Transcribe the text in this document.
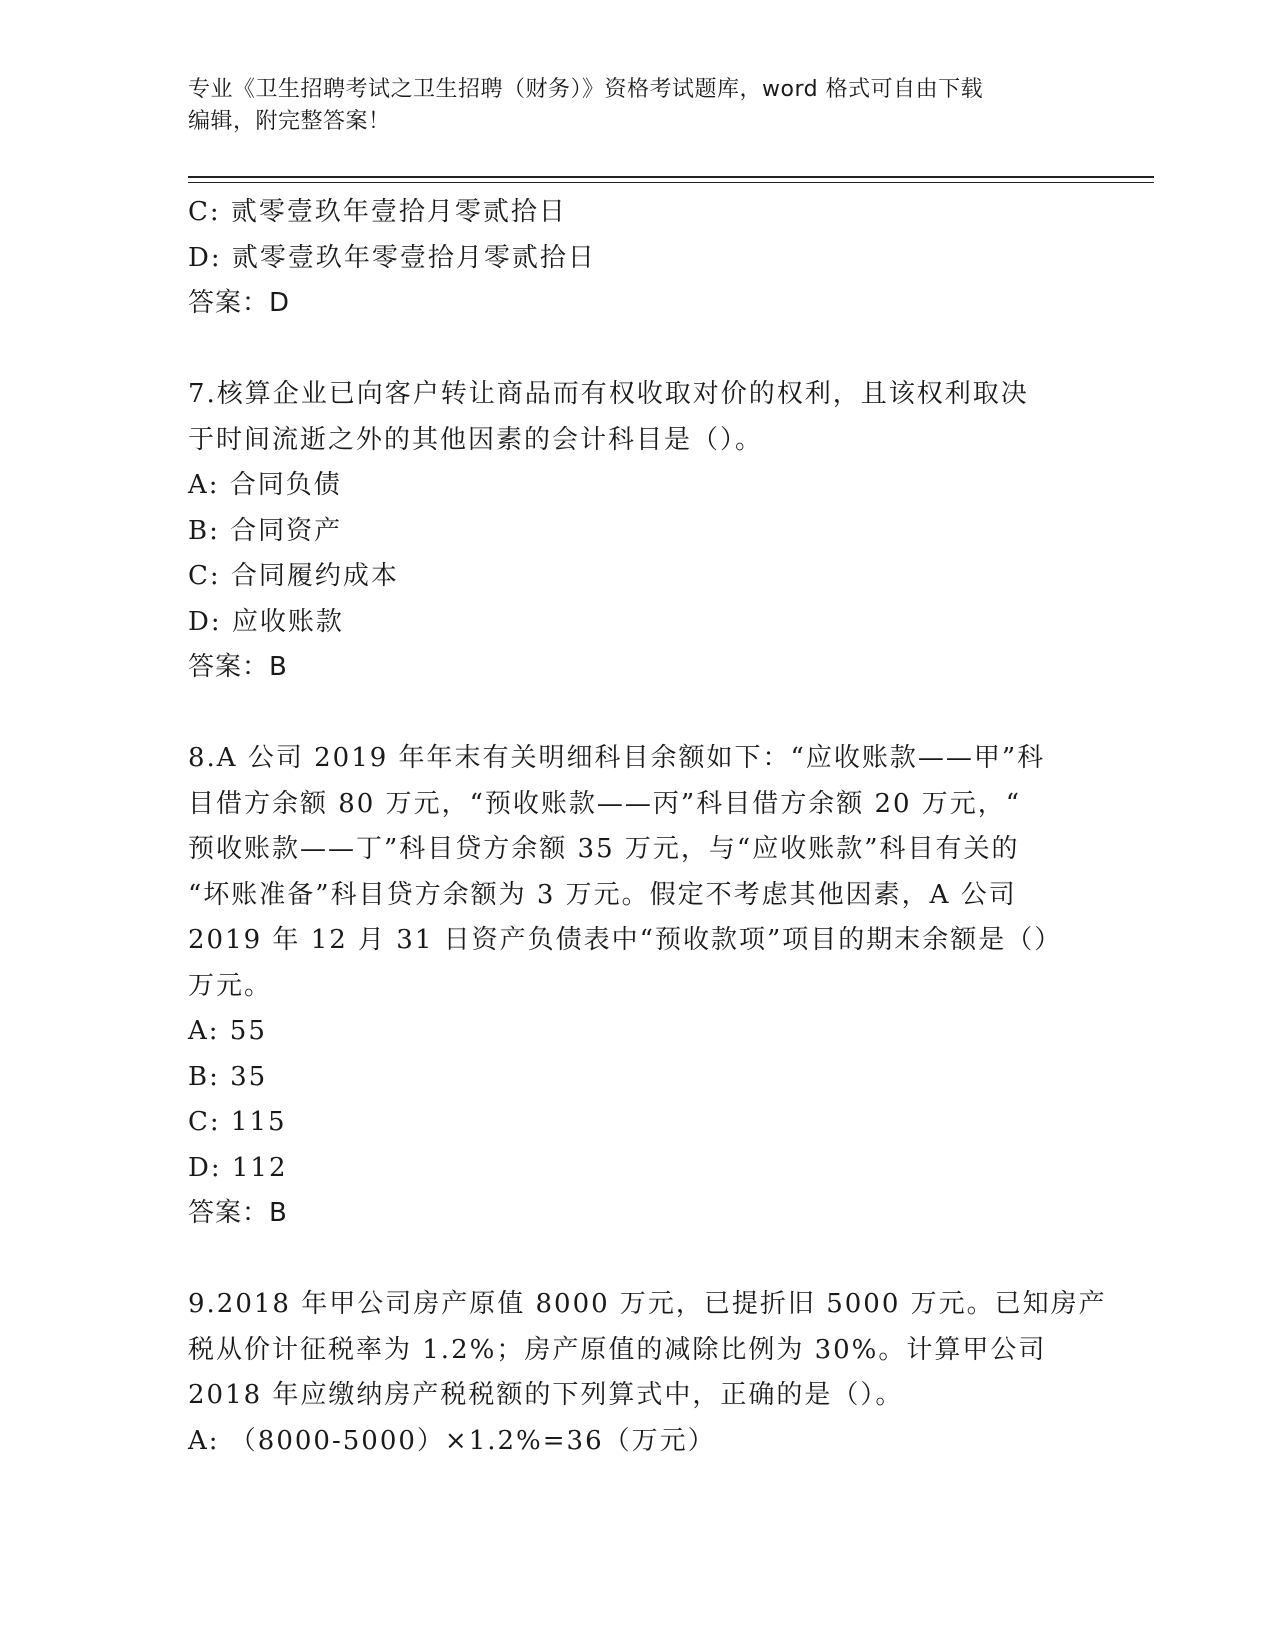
专业《卫生招聘考试之卫生招聘（财务）》资格考试题库，word 格式可自由下载
编辑，附完整答案！
C: 贰零壹玖年壹拾月零贰拾日
D: 贰零壹玖年零壹拾月零贰拾日
答案：D
7.核算企业已向客户转让商品而有权收取对价的权利，且该权利取决
于时间流逝之外的其他因素的会计科目是（）。
A: 合同负债
B: 合同资产
C: 合同履约成本
D: 应收账款
答案：B
8.A 公司 2019 年年末有关明细科目余额如下：“应收账款——甲”科
目借方余额 80 万元，“预收账款——丙”科目借方余额 20 万元，“
预收账款——丁”科目贷方余额 35 万元，与“应收账款”科目有关的
“坏账准备”科目贷方余额为 3 万元。假定不考虑其他因素，A 公司
2019 年 12 月 31 日资产负债表中“预收款项”项目的期末余额是（）
万元。
A: 55
B: 35
C: 115
D: 112
答案：B
9.2018 年甲公司房产原值 8000 万元，已提折旧 5000 万元。已知房产
税从价计征税率为 1.2%；房产原值的减除比例为 30%。计算甲公司
2018 年应缴纳房产税税额的下列算式中，正确的是（）。
A: （8000-5000）×1.2%=36（万元）
